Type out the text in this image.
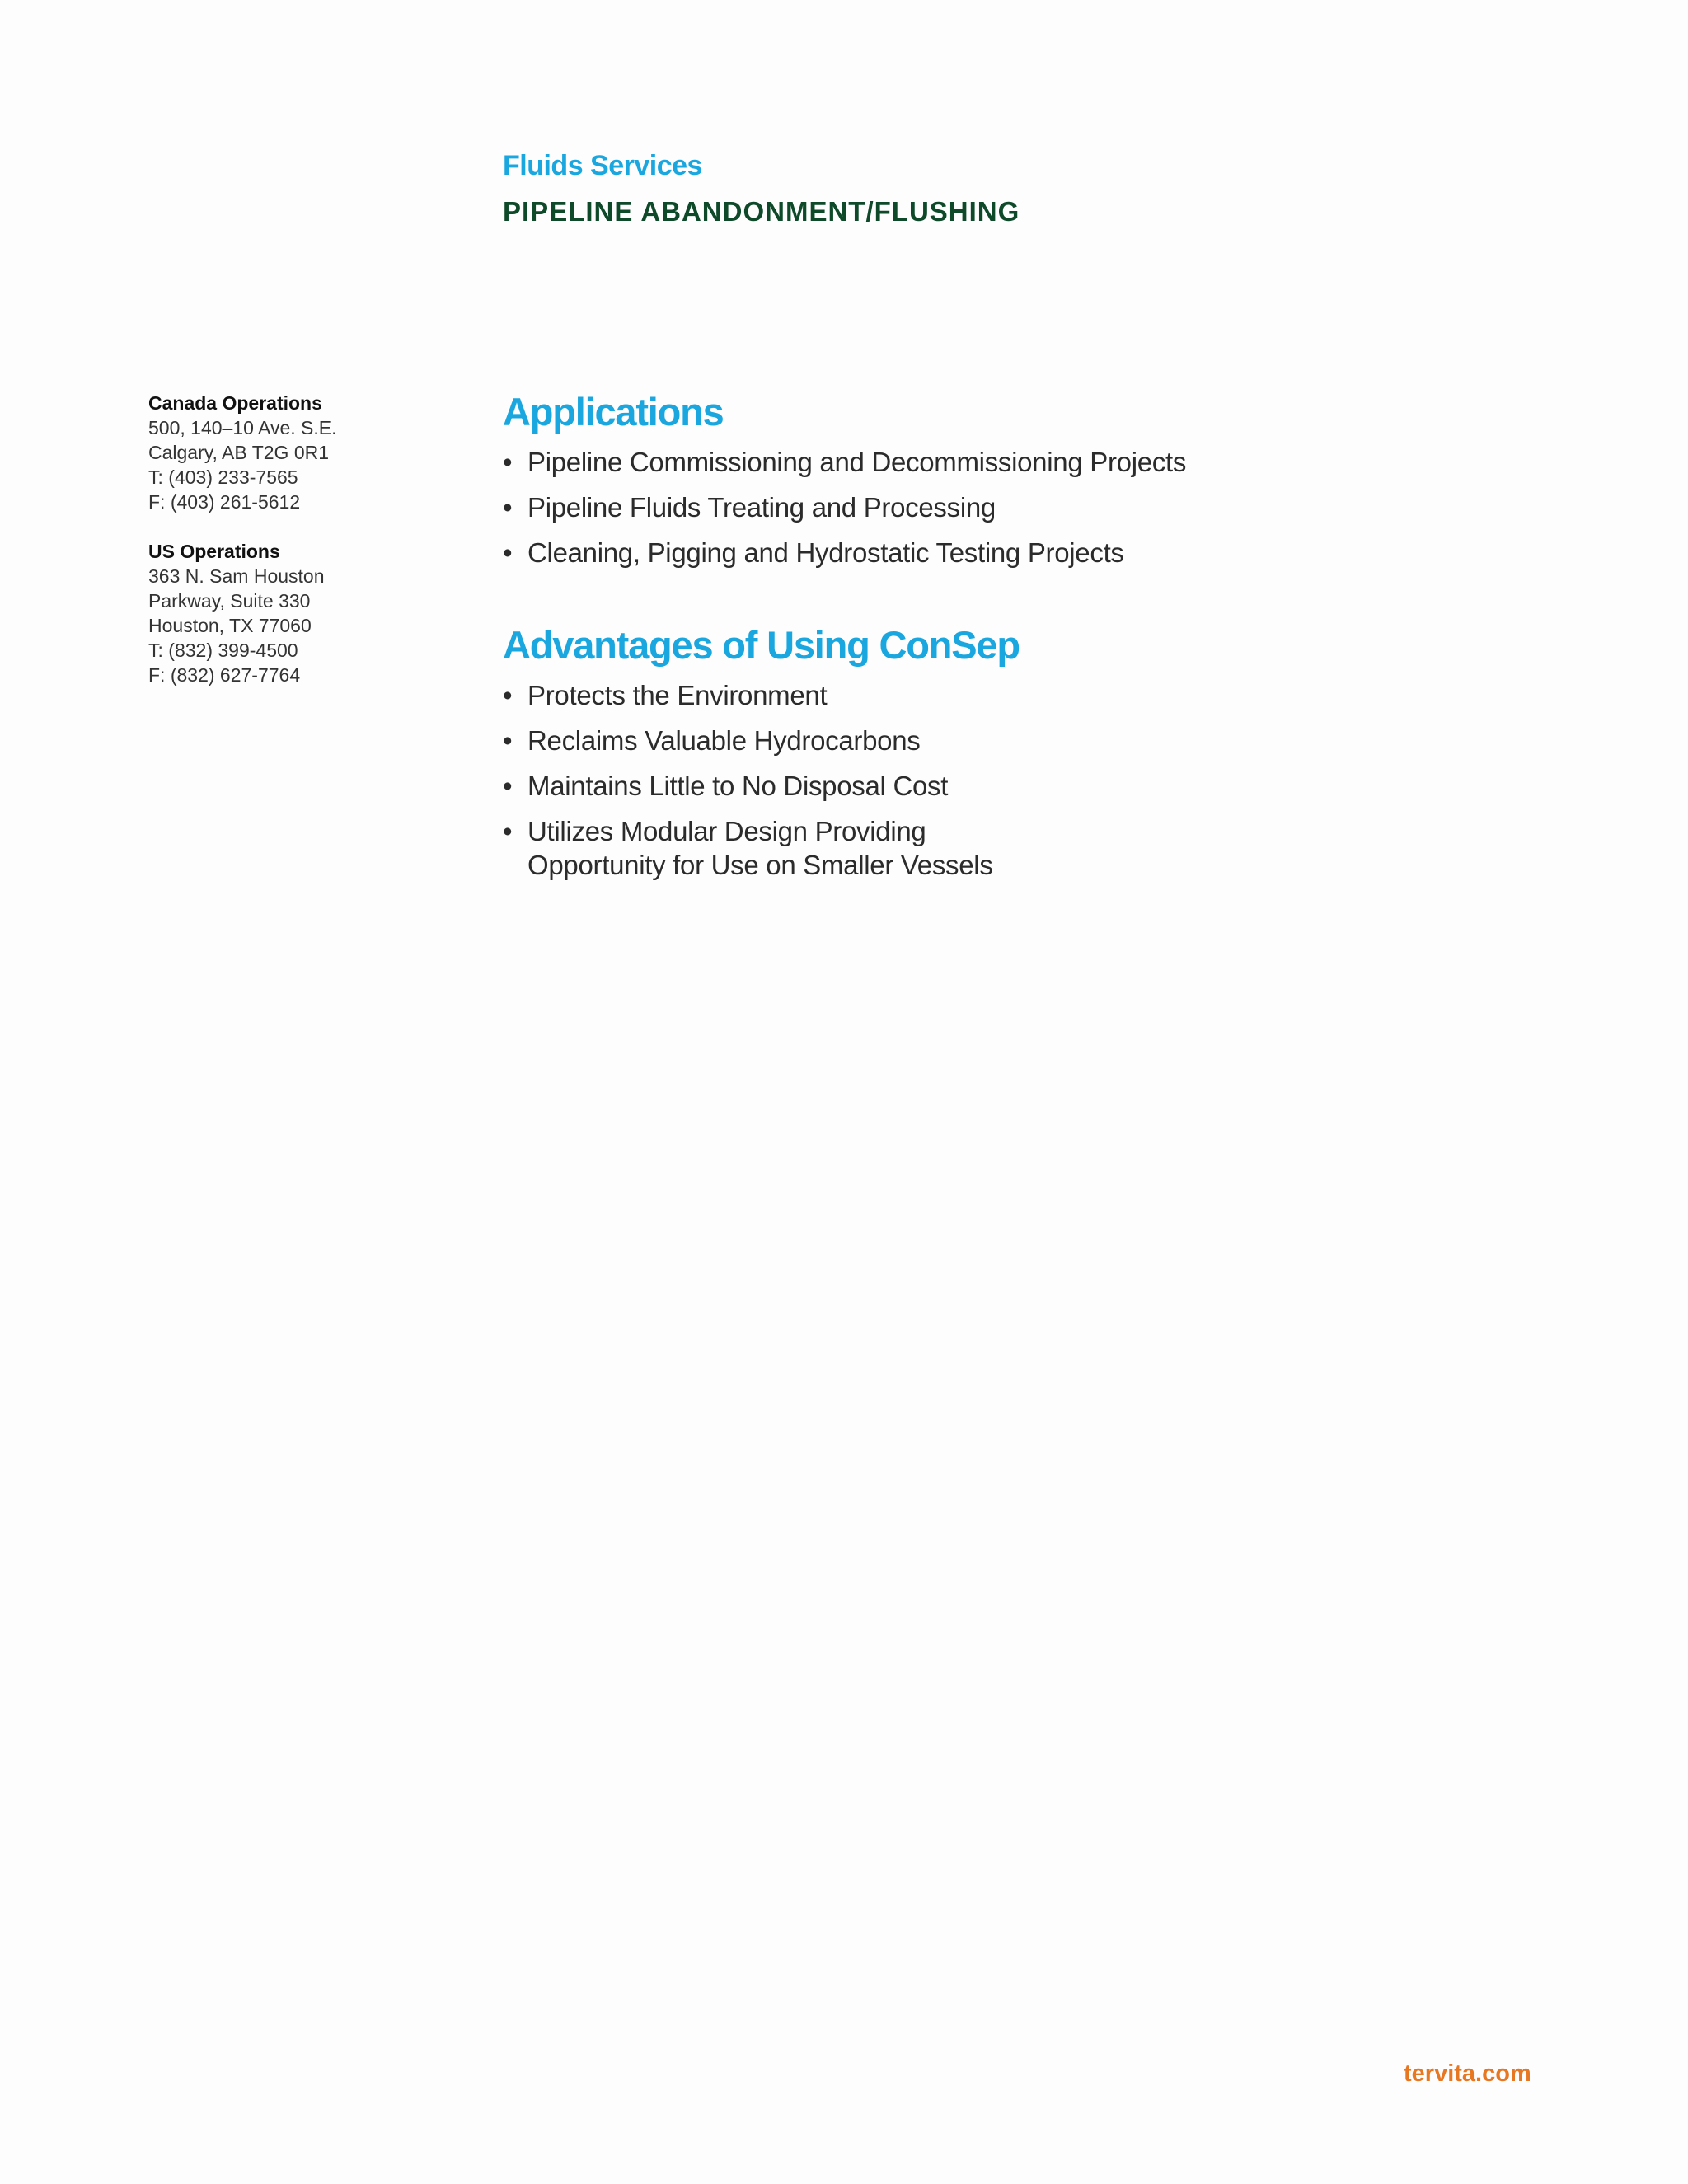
Fluids Services
PIPELINE ABANDONMENT/FLUSHING
Canada Operations
500, 140–10 Ave. S.E.
Calgary, AB T2G 0R1
T: (403) 233-7565
F: (403) 261-5612
US Operations
363 N. Sam Houston
Parkway, Suite 330
Houston, TX 77060
T: (832) 399-4500
F: (832) 627-7764
Applications
• Pipeline Commissioning and Decommissioning Projects
• Pipeline Fluids Treating and Processing
• Cleaning, Pigging and Hydrostatic Testing Projects
Advantages of Using ConSep
• Protects the Environment
• Reclaims Valuable Hydrocarbons
• Maintains Little to No Disposal Cost
• Utilizes Modular Design Providing Opportunity for Use on Smaller Vessels
tervita.com
